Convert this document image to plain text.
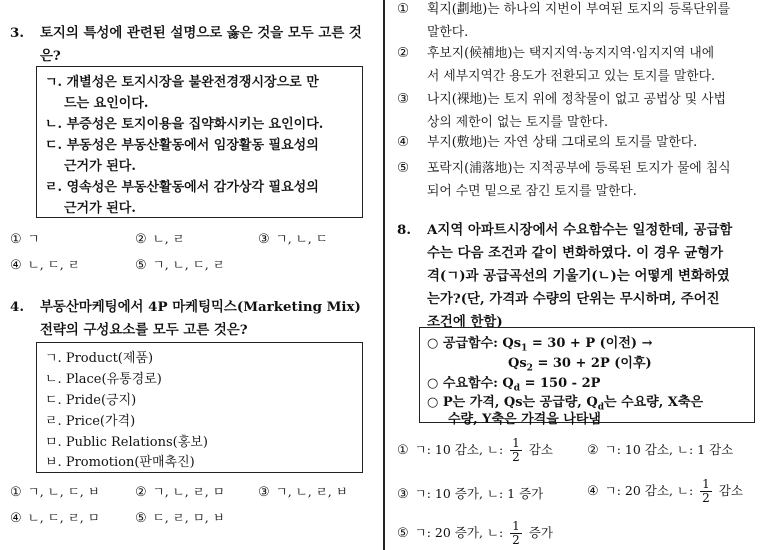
3.	토지의 특성에 관련된 설명으로 옳은 것을 모두 고른 것은?
ㄱ. 개별성은 토지시장을 불완전경쟁시장으로 만
드는 요인이다.
ㄴ. 부증성은 토지이용을 집약화시키는 요인이다.
ㄷ. 부동성은 부동산활동에서 임장활동 필요성의
근거가 된다.
ㄹ. 영속성은 부동산활동에서 감가상각 필요성의
근거가 된다.
① ㄱ	② ㄴ, ㄹ	③ ㄱ, ㄴ, ㄷ
④ ㄴ, ㄷ, ㄹ	⑤ ㄱ, ㄴ, ㄷ, ㄹ
4.	부동산마케팅에서 4P 마케팅믹스(Marketing Mix)
전략의 구성요소를 모두 고른 것은?
ㄱ. Product(제품)
ㄴ. Place(유통경로)
ㄷ. Pride(긍지)
ㄹ. Price(가격)
ㅁ. Public Relations(홍보)
ㅂ. Promotion(판매촉진)
① ㄱ, ㄴ, ㄷ, ㅂ	② ㄱ, ㄴ, ㄹ, ㅁ	③ ㄱ, ㄴ, ㄹ, ㅂ
④ ㄴ, ㄷ, ㄹ, ㅁ	⑤ ㄷ, ㄹ, ㅁ, ㅂ
①	획지(劃地)는 하나의 지번이 부여된 토지의 등록단위를
말한다.
②	후보지(候補地)는 택지지역·농지지역·임지지역 내에
서 세부지역간 용도가 전환되고 있는 토지를 말한다.
③	나지(裸地)는 토지 위에 정착물이 없고 공법상 및 사법
상의 제한이 없는 토지를 말한다.
④	부지(敷地)는 자연 상태 그대로의 토지를 말한다.
⑤	포락지(浦落地)는 지적공부에 등록된 토지가 물에 침식
되어 수면 밑으로 잠긴 토지를 말한다.
8.	A지역 아파트시장에서 수요함수는 일정한데, 공급함
수는 다음 조건과 같이 변화하였다. 이 경우 균형가
격(ㄱ)과 공급곡선의 기울기(ㄴ)는 어떻게 변화하였
는가?(단, 가격과 수량의 단위는 무시하며, 주어진
조건에 한함)
○ 공급함수: $Qs_1 = 30 + P$ (이전) →
$Qs_2 = 30 + 2P$ (이후)
○ 수요함수: $Q_d = 150 - 2P$
○ P는 가격, Qs는 공급량, $Q_d$는 수요량, X축은
수량, Y축은 가격을 나타냄
① ㄱ: 10 감소, ㄴ: $\frac{1}{2}$ 감소	② ㄱ: 10 감소, ㄴ: 1 감소
③ ㄱ: 10 증가, ㄴ: 1 증가	④ ㄱ: 20 감소, ㄴ: $\frac{1}{2}$ 감소
⑤ ㄱ: 20 증가, ㄴ: $\frac{1}{2}$ 증가
